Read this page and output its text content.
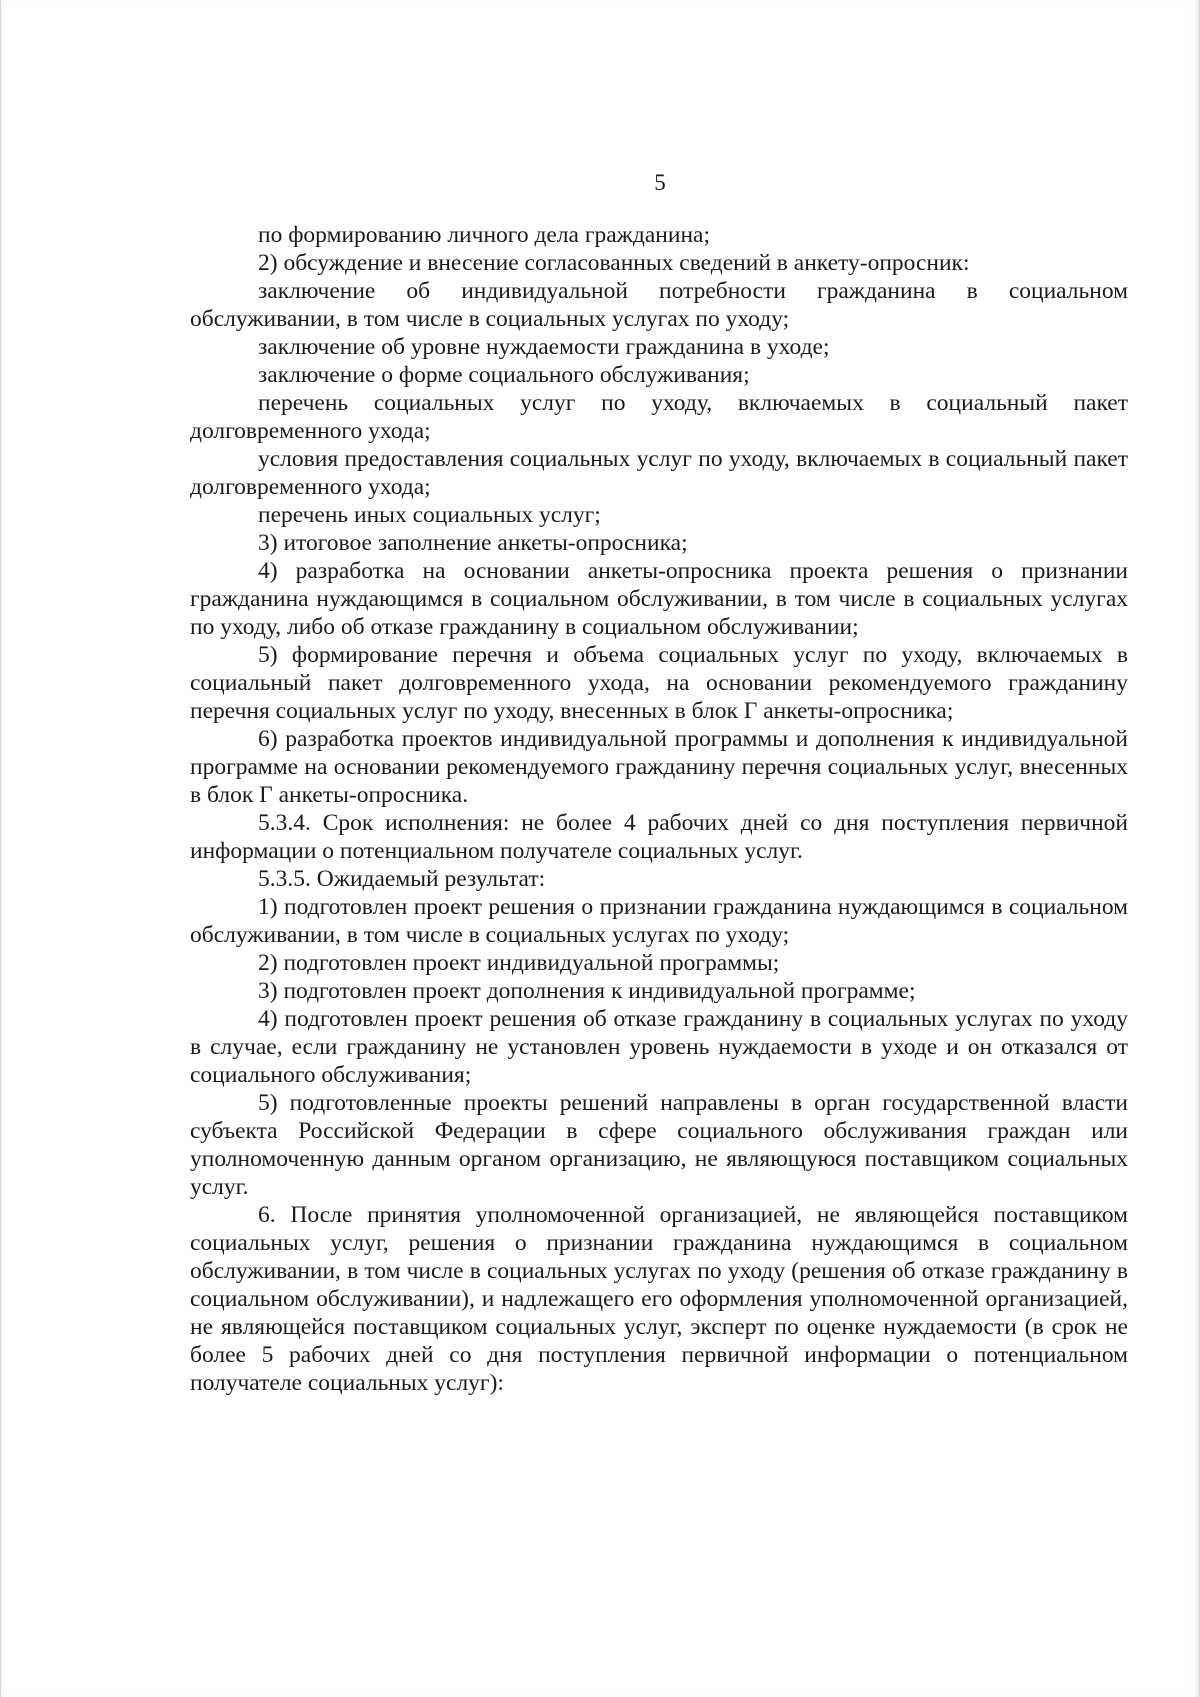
5

по формированию личного дела гражданина;

2) обсуждение и внесение согласованных сведений в анкету-опросник:

заключение об индивидуальной потребности гражданина в социальном обслуживании, в том числе в социальных услугах по уходу;

заключение об уровне нуждаемости гражданина в уходе;

заключение о форме социального обслуживания;

перечень социальных услуг по уходу, включаемых в социальный пакет долговременного ухода;

условия предоставления социальных услуг по уходу, включаемых в социальный пакет долговременного ухода;

перечень иных социальных услуг;

3) итоговое заполнение анкеты-опросника;

4) разработка на основании анкеты-опросника проекта решения о признании гражданина нуждающимся в социальном обслуживании, в том числе в социальных услугах по уходу, либо об отказе гражданину в социальном обслуживании;

5) формирование перечня и объема социальных услуг по уходу, включаемых в социальный пакет долговременного ухода, на основании рекомендуемого гражданину перечня социальных услуг по уходу, внесенных в блок Г анкеты-опросника;

6) разработка проектов индивидуальной программы и дополнения к индивидуальной программе на основании рекомендуемого гражданину перечня социальных услуг, внесенных в блок Г анкеты-опросника.

5.3.4. Срок исполнения: не более 4 рабочих дней со дня поступления первичной информации о потенциальном получателе социальных услуг.

5.3.5. Ожидаемый результат:

1) подготовлен проект решения о признании гражданина нуждающимся в социальном обслуживании, в том числе в социальных услугах по уходу;

2) подготовлен проект индивидуальной программы;

3) подготовлен проект дополнения к индивидуальной программе;

4) подготовлен проект решения об отказе гражданину в социальных услугах по уходу в случае, если гражданину не установлен уровень нуждаемости в уходе и он отказался от социального обслуживания;

5) подготовленные проекты решений направлены в орган государственной власти субъекта Российской Федерации в сфере социального обслуживания граждан или уполномоченную данным органом организацию, не являющуюся поставщиком социальных услуг.

6. После принятия уполномоченной организацией, не являющейся поставщиком социальных услуг, решения о признании гражданина нуждающимся в социальном обслуживании, в том числе в социальных услугах по уходу (решения об отказе гражданину в социальном обслуживании), и надлежащего его оформления уполномоченной организацией, не являющейся поставщиком социальных услуг, эксперт по оценке нуждаемости (в срок не более 5 рабочих дней со дня поступления первичной информации о потенциальном получателе социальных услуг):
